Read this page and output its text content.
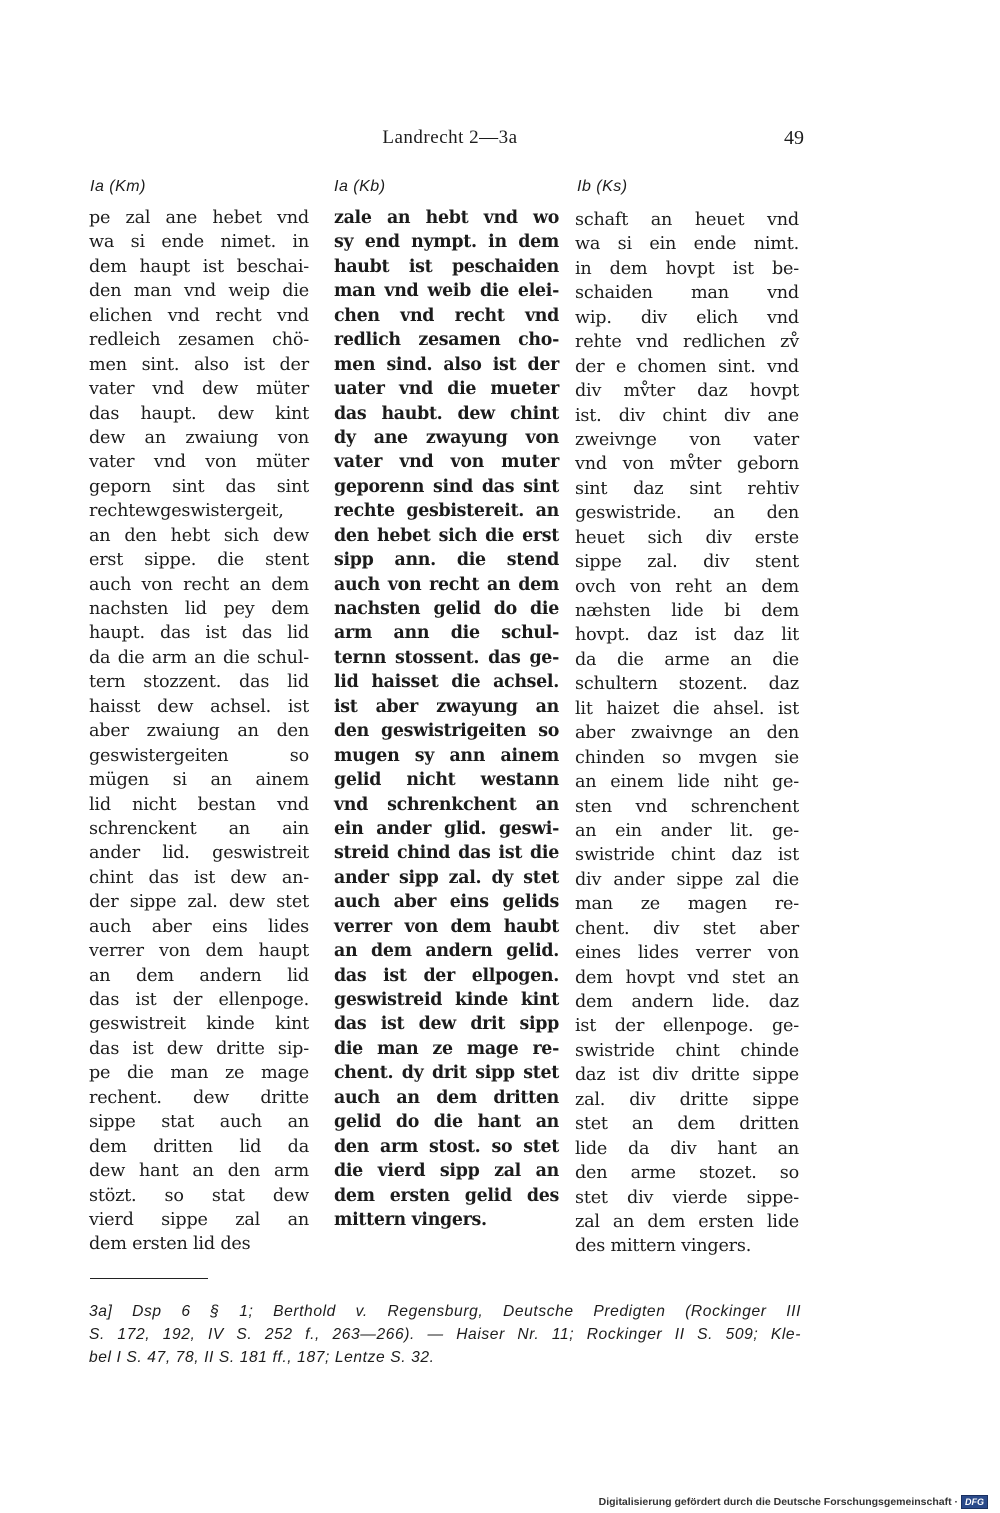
Landrecht 2—3a	49
Ia (Km)	Ia (Kb)	Ib (Ks)
pe zal ane hebet vnd
wa si ende nimet. in
dem haupt ist beschai-
den man vnd weip die
elichen vnd recht vnd
redleich zesamen chö-
men sint. also ist der
vater vnd dew müter
das haupt. dew kint
dew an zwaiung von
vater vnd von müter
geporn sint das sint
rechtewgeswistergeit,
an den hebt sich dew
erst sippe. die stent
auch von recht an dem
nachsten lid pey dem
haupt. das ist das lid
da die arm an die schul-
tern stozzent. das lid
haisst dew achsel. ist
aber zwaiung an den
geswistergeiten so
mügen si an ainem
lid nicht bestan vnd
schrenckent an ain
ander lid. geswistreit
chint das ist dew an-
der sippe zal. dew stet
auch aber eins lides
verrer von dem haupt
an dem andern lid
das ist der ellenpoge.
geswistreit kinde kint
das ist dew dritte sip-
pe die man ze mage
rechent. dew dritte
sippe stat auch an
dem dritten lid da
dew hant an den arm
stözt. so stat dew
vierd sippe zal an
dem ersten lid des
zale an hebt vnd wo
sy end nympt. in dem
haubt ist peschaiden
man vnd weib die elei-
chen vnd recht vnd
redlich zesamen cho-
men sind. also ist der
uater vnd die mueter
das haubt. dew chint
dy ane zwayung von
vater vnd von muter
geporenn sind das sint
rechte gesbistereit. an
den hebet sich die erst
sipp ann. die stend
auch von recht an dem
nachsten gelid do die
arm ann die schul-
ternn stossent. das ge-
lid haisset die achsel.
ist aber zwayung an
den geswistrigeiten so
mugen sy ann ainem
gelid nicht westann
vnd schrenkchent an
ein ander glid. geswi-
streid chind das ist die
ander sipp zal. dy stet
auch aber eins gelids
verrer von dem haubt
an dem andern gelid.
das ist der ellpogen.
geswistreid kinde kint
das ist dew drit sipp
die man ze mage re-
chent. dy drit sipp stet
auch an dem dritten
gelid do die hant an
den arm stost. so stet
die vierd sipp zal an
dem ersten gelid des
mittern vingers.
schaft an heuet vnd
wa si ein ende nimt.
in dem hovpt ist be-
schaiden man vnd
wip. div elich vnd
rehte vnd redlichen zv̊
der e chomen sint. vnd
div mv̊ter daz hovpt
ist. div chint div ane
zweivnge von vater
vnd von mv̊ter geborn
sint daz sint rehtiv
geswistride. an den
heuet sich div erste
sippe zal. div stent
ovch von reht an dem
næhsten lide bi dem
hovpt. daz ist daz lit
da die arme an die
schultern stozent. daz
lit haizet die ahsel. ist
aber zwaivnge an den
chinden so mvgen sie
an einem lide niht ge-
sten vnd schrenchent
an ein ander lit. ge-
swistride chint daz ist
div ander sippe zal die
man ze magen re-
chent. div stet aber
eines lides verrer von
dem hovpt vnd stet an
dem andern lide. daz
ist der ellenpoge. ge-
swistride chint chinde
daz ist div dritte sippe
zal. div dritte sippe
stet an dem dritten
lide da div hant an
den arme stozet. so
stet div vierde sippe-
zal an dem ersten lide
des mittern vingers.
3a] Dsp 6 § 1; Berthold v. Regensburg, Deutsche Predigten (Rockinger III
S. 172, 192, IV S. 252 f., 263—266). — Haiser Nr. 11; Rockinger II S. 509; Kle-
bel I S. 47, 78, II S. 181 ff., 187; Lentze S. 32.
Digitalisierung gefördert durch die Deutsche Forschungsgemeinschaft · DFG
